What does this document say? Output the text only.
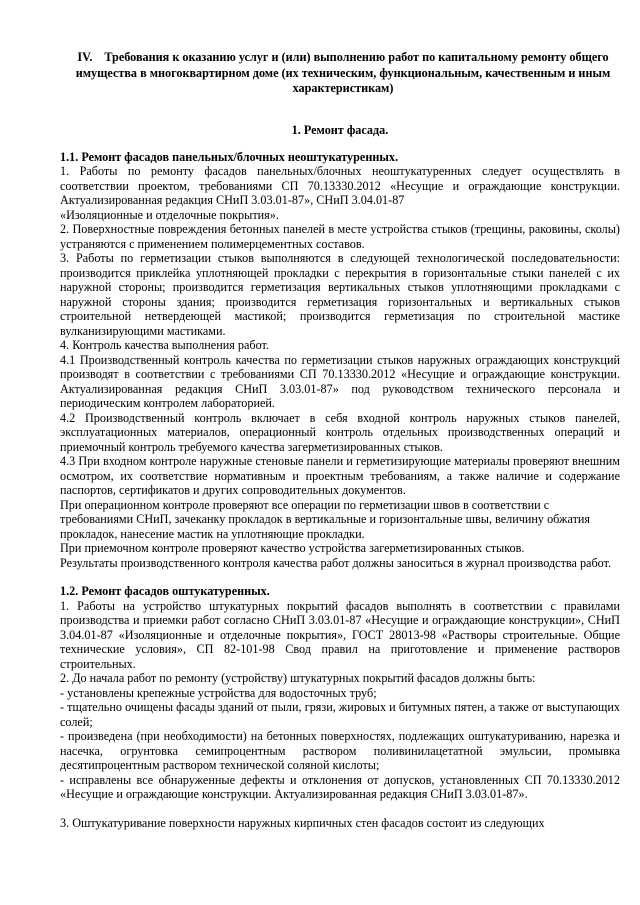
IV. Требования к оказанию услуг и (или) выполнению работ по капитальному ремонту общего имущества в многоквартирном доме (их техническим, функциональным, качественным и иным характеристикам)

1. Ремонт фасада.

1.1. Ремонт фасадов панельных/блочных неоштукатуренных.

1. Работы по ремонту фасадов панельных/блочных неоштукатуренных следует осуществлять в соответствии проектом, требованиями СП 70.13330.2012 «Несущие и ограждающие конструкции. Актуализированная редакция СНиП 3.03.01-87», СНиП 3.04.01-87

«Изоляционные и отделочные покрытия».

2. Поверхностные повреждения бетонных панелей в месте устройства стыков (трещины, раковины, сколы) устраняются с применением полимерцементных составов.

3. Работы по герметизации стыков выполняются в следующей технологической последовательности: производится приклейка уплотняющей прокладки с перекрытия в горизонтальные стыки панелей с их наружной стороны; производится герметизация вертикальных стыков уплотняющими прокладками с наружной стороны здания; производится герметизация горизонтальных и вертикальных стыков строительной нетвердеющей мастикой; производится герметизация по строительной мастике вулканизирующими мастиками.

4. Контроль качества выполнения работ.

4.1 Производственный контроль качества по герметизации стыков наружных ограждающих конструкций производят в соответствии с требованиями СП 70.13330.2012 «Несущие и ограждающие конструкции. Актуализированная редакция СНиП 3.03.01-87» под руководством технического персонала и периодическим контролем лабораторией.

4.2 Производственный контроль включает в себя входной контроль наружных стыков панелей, эксплуатационных материалов, операционный контроль отдельных производственных операций и приемочный контроль требуемого качества загерметизированных стыков.

4.3 При входном контроле наружные стеновые панели и герметизирующие материалы проверяют внешним осмотром, их соответствие нормативным и проектным требованиям, а также наличие и содержание паспортов, сертификатов и других сопроводительных документов.

При операционном контроле проверяют все операции по герметизации швов в соответствии с требованиями СНиП, зачеканку прокладок в вертикальные и горизонтальные швы, величину обжатия прокладок, нанесение мастик на уплотняющие прокладки.

При приемочном контроле проверяют качество устройства загерметизированных стыков.

Результаты производственного контроля качества работ должны заноситься в журнал производства работ.

1.2. Ремонт фасадов оштукатуренных.

1. Работы на устройство штукатурных покрытий фасадов выполнять в соответствии с правилами производства и приемки работ согласно СНиП 3.03.01-87 «Несущие и ограждающие конструкции», СНиП 3.04.01-87 «Изоляционные и отделочные покрытия», ГОСТ 28013-98 «Растворы строительные. Общие технические условия», СП 82-101-98 Свод правил на приготовление и применение растворов строительных.

2. До начала работ по ремонту (устройству) штукатурных покрытий фасадов должны быть:

- установлены крепежные устройства для водосточных труб;

- тщательно очищены фасады зданий от пыли, грязи, жировых и битумных пятен, а также от выступающих солей;

- произведена (при необходимости) на бетонных поверхностях, подлежащих оштукатуриванию, нарезка и насечка, огрунтовка семипроцентным раствором поливинилацетатной эмульсии, промывка десятипроцентным раствором технической соляной кислоты;

- исправлены все обнаруженные дефекты и отклонения от допусков, установленных СП 70.13330.2012 «Несущие и ограждающие конструкции. Актуализированная редакция СНиП 3.03.01-87».

3. Оштукатуривание поверхности наружных кирпичных стен фасадов состоит из следующих
